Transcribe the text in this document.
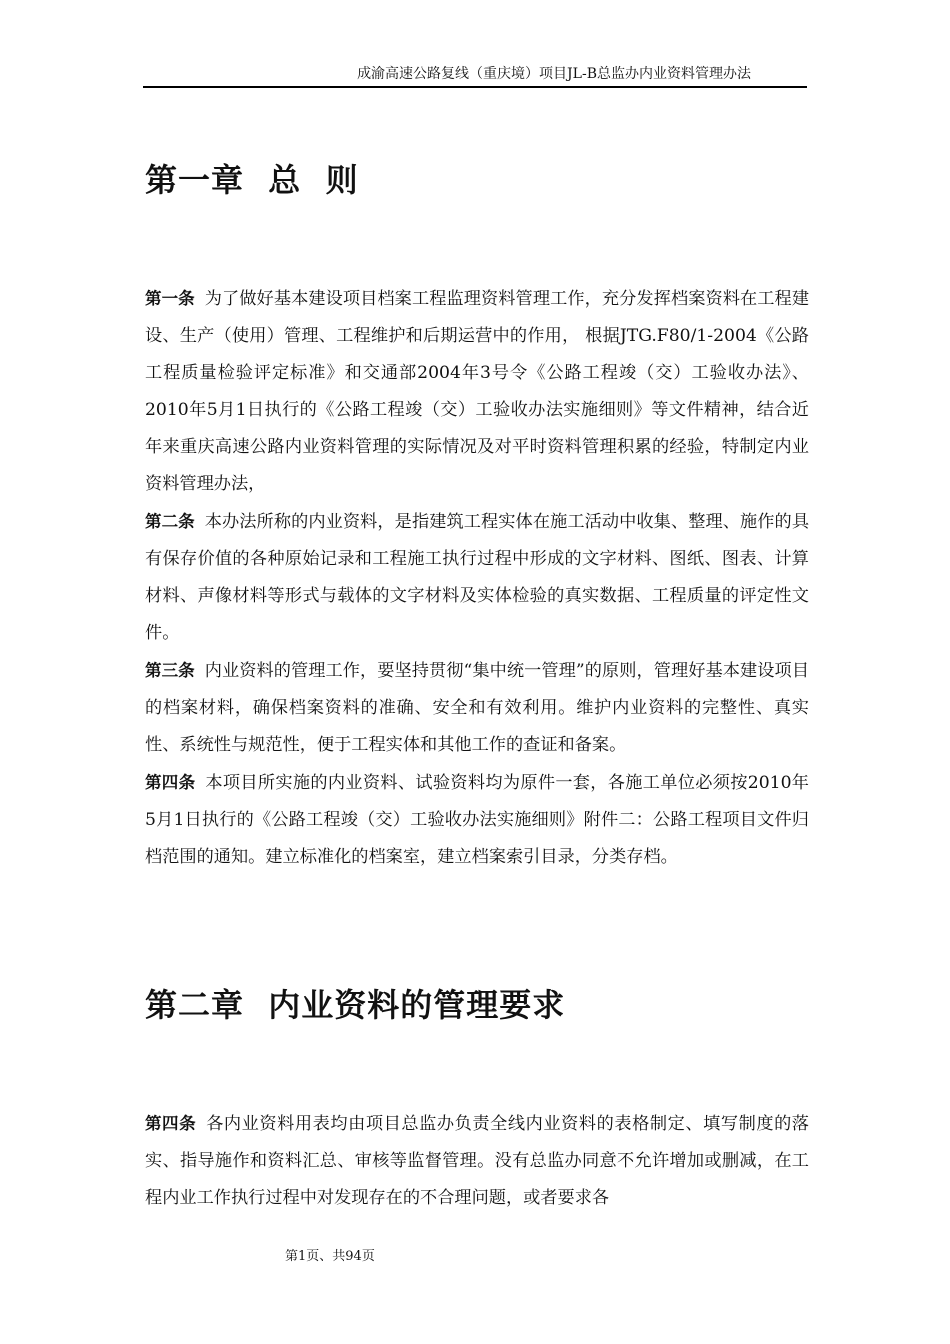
成渝高速公路复线（重庆境）项目JL-B总监办内业资料管理办法
第一章  总  则

第一条 为了做好基本建设项目档案工程监理资料管理工作，充分发挥档案资料在工程建设、生产（使用）管理、工程维护和后期运营中的作用， 根据JTG.F80/1-2004《公路工程质量检验评定标准》和交通部2004年3号令《公路工程竣（交）工验收办法》、2010年5月1日执行的《公路工程竣（交）工验收办法实施细则》等文件精神，结合近年来重庆高速公路内业资料管理的实际情况及对平时资料管理积累的经验，特制定内业资料管理办法，

第二条 本办法所称的内业资料，是指建筑工程实体在施工活动中收集、整理、施作的具有保存价值的各种原始记录和工程施工执行过程中形成的文字材料、图纸、图表、计算材料、声像材料等形式与载体的文字材料及实体检验的真实数据、工程质量的评定性文件。

第三条 内业资料的管理工作，要坚持贯彻“集中统一管理”的原则，管理好基本建设项目的档案材料，确保档案资料的准确、安全和有效利用。维护内业资料的完整性、真实性、系统性与规范性，便于工程实体和其他工作的查证和备案。

第四条 本项目所实施的内业资料、试验资料均为原件一套，各施工单位必须按2010年5月1日执行的《公路工程竣（交）工验收办法实施细则》附件二：公路工程项目文件归档范围的通知。建立标准化的档案室，建立档案索引目录，分类存档。

第二章  内业资料的管理要求

第四条 各内业资料用表均由项目总监办负责全线内业资料的表格制定、填写制度的落实、指导施作和资料汇总、审核等监督管理。没有总监办同意不允许增加或删减，在工程内业工作执行过程中对发现存在的不合理问题，或者要求各

第1页、共94页
